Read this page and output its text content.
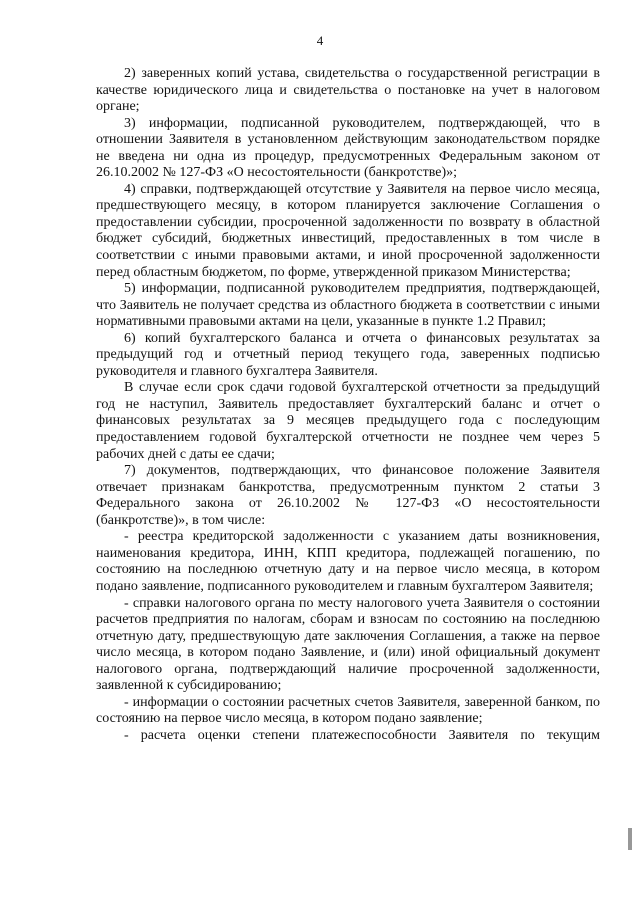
4

2) заверенных копий устава, свидетельства о государственной регистрации в качестве юридического лица и свидетельства о постановке на учет в налоговом органе;

3) информации, подписанной руководителем, подтверждающей, что в отношении Заявителя в установленном действующим законодательством порядке не введена ни одна из процедур, предусмотренных Федеральным законом от 26.10.2002 № 127-ФЗ «О несостоятельности (банкротстве)»;

4) справки, подтверждающей отсутствие у Заявителя на первое число месяца, предшествующего месяцу, в котором планируется заключение Соглашения о предоставлении субсидии, просроченной задолженности по возврату в областной бюджет субсидий, бюджетных инвестиций, предоставленных в том числе в соответствии с иными правовыми актами, и иной просроченной задолженности перед областным бюджетом, по форме, утвержденной приказом Министерства;

5) информации, подписанной руководителем предприятия, подтверждающей, что Заявитель не получает средства из областного бюджета в соответствии с иными нормативными правовыми актами на цели, указанные в пункте 1.2 Правил;

6) копий бухгалтерского баланса и отчета о финансовых результатах за предыдущий год и отчетный период текущего года, заверенных подписью руководителя и главного бухгалтера Заявителя.

В случае если срок сдачи годовой бухгалтерской отчетности за предыдущий год не наступил, Заявитель предоставляет бухгалтерский баланс и отчет о финансовых результатах за 9 месяцев предыдущего года с последующим предоставлением годовой бухгалтерской отчетности не позднее чем через 5 рабочих дней с даты ее сдачи;

7) документов, подтверждающих, что финансовое положение Заявителя отвечает признакам банкротства, предусмотренным пунктом 2 статьи 3 Федерального закона от 26.10.2002 № 127-ФЗ «О несостоятельности (банкротстве)», в том числе:

- реестра кредиторской задолженности с указанием даты возникновения, наименования кредитора, ИНН, КПП кредитора, подлежащей погашению, по состоянию на последнюю отчетную дату и на первое число месяца, в котором подано заявление, подписанного руководителем и главным бухгалтером Заявителя;

- справки налогового органа по месту налогового учета Заявителя о состоянии расчетов предприятия по налогам, сборам и взносам по состоянию на последнюю отчетную дату, предшествующую дате заключения Соглашения, а также на первое число месяца, в котором подано Заявление, и (или) иной официальный документ налогового органа, подтверждающий наличие просроченной задолженности, заявленной к субсидированию;

- информации о состоянии расчетных счетов Заявителя, заверенной банком, по состоянию на первое число месяца, в котором подано заявление;

- расчета оценки степени платежеспособности Заявителя по текущим
